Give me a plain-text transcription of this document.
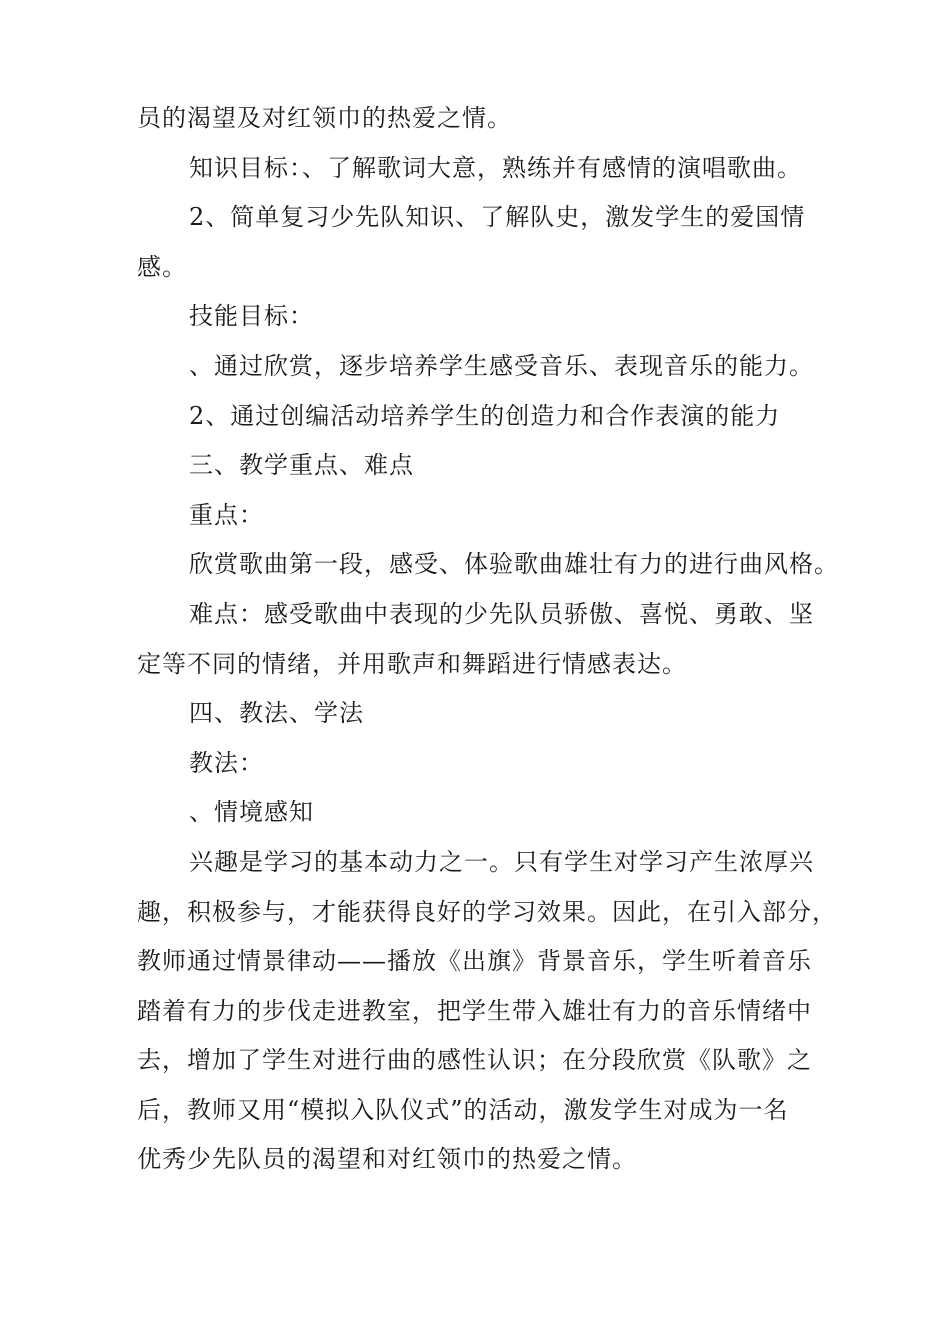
员的渴望及对红领巾的热爱之情。
知识目标：、了解歌词大意，熟练并有感情的演唱歌曲。
2、简单复习少先队知识、了解队史，激发学生的爱国情
感。
技能目标：
、通过欣赏，逐步培养学生感受音乐、表现音乐的能力。
2、通过创编活动培养学生的创造力和合作表演的能力
三、教学重点、难点
重点：
欣赏歌曲第一段，感受、体验歌曲雄壮有力的进行曲风格。
难点：感受歌曲中表现的少先队员骄傲、喜悦、勇敢、坚
定等不同的情绪，并用歌声和舞蹈进行情感表达。
四、教法、学法
教法：
、情境感知
兴趣是学习的基本动力之一。只有学生对学习产生浓厚兴
趣，积极参与，才能获得良好的学习效果。因此，在引入部分，
教师通过情景律动——播放《出旗》背景音乐，学生听着音乐
踏着有力的步伐走进教室，把学生带入雄壮有力的音乐情绪中
去，增加了学生对进行曲的感性认识；在分段欣赏《队歌》之
后，教师又用“模拟入队仪式”的活动，激发学生对成为一名
优秀少先队员的渴望和对红领巾的热爱之情。
